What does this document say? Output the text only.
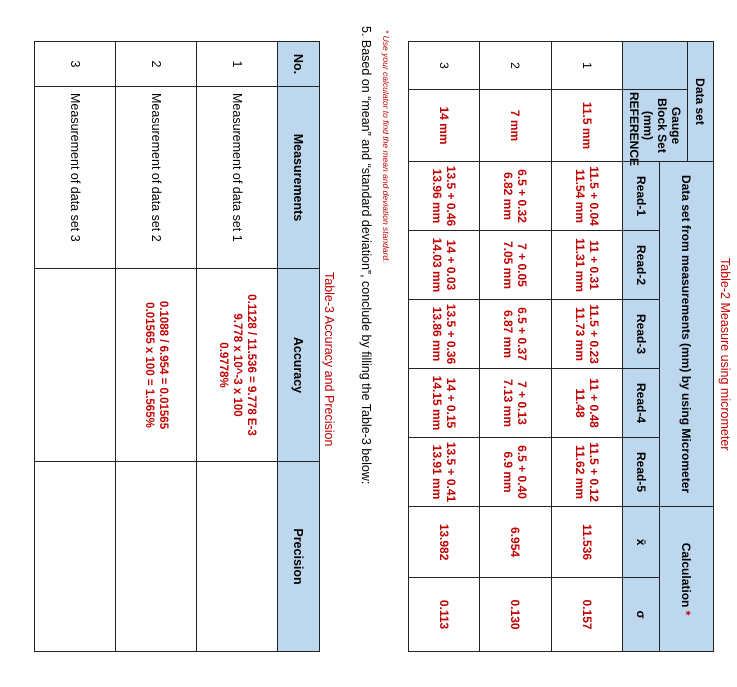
Table-2 Measure using micrometer
Data set		Data set from measurements (mm) by using Micrometer					Calculation *	
	Gauge Block Set (mm) REFERENCE							
		Read-1	Read-2	Read-3	Read-4	Read-5	x̄	σ
1	11.5 mm	11.5 + 0.04 11.54 mm	11 + 0.31 11.31 mm	11.5 + 0.23 11.73 mm	11 + 0.48 11.48	11.5 + 0.12 11.62 mm	11.536	0.157
2	7 mm	6.5 + 0.32 6.82 mm	7 + 0.05 7.05 mm	6.5 + 0.37 6.87 mm	7 + 0.13 7.13 mm	6.5 + 0.40 6.9 mm	6.954	0.130
3	14 mm	13.5 + 0.46 13.96 mm	14 + 0.03 14.03 mm	13.5 + 0.36 13.86 mm	14 + 0.15 14.15 mm	13.5 + 0.41 13.91 mm	13.982	0.113
* Use your calculator to find the mean and deviation standard.
5. Based on “mean” and “standard deviation”, conclude by filling the Table-3 below:
Table-3 Accuracy and Precision
No.	Measurements	Accuracy	Precision
1	Measurement of data set 1	0.1128 / 11.536 = 9.778 E-3
9.778 x 10^-3 x 100
0.9778%	

2	Measurement of data set 2	0.1088 / 6.954 = 0.01565
0.01565 x 100 = 1.565%	

3	Measurement of data set 3		
